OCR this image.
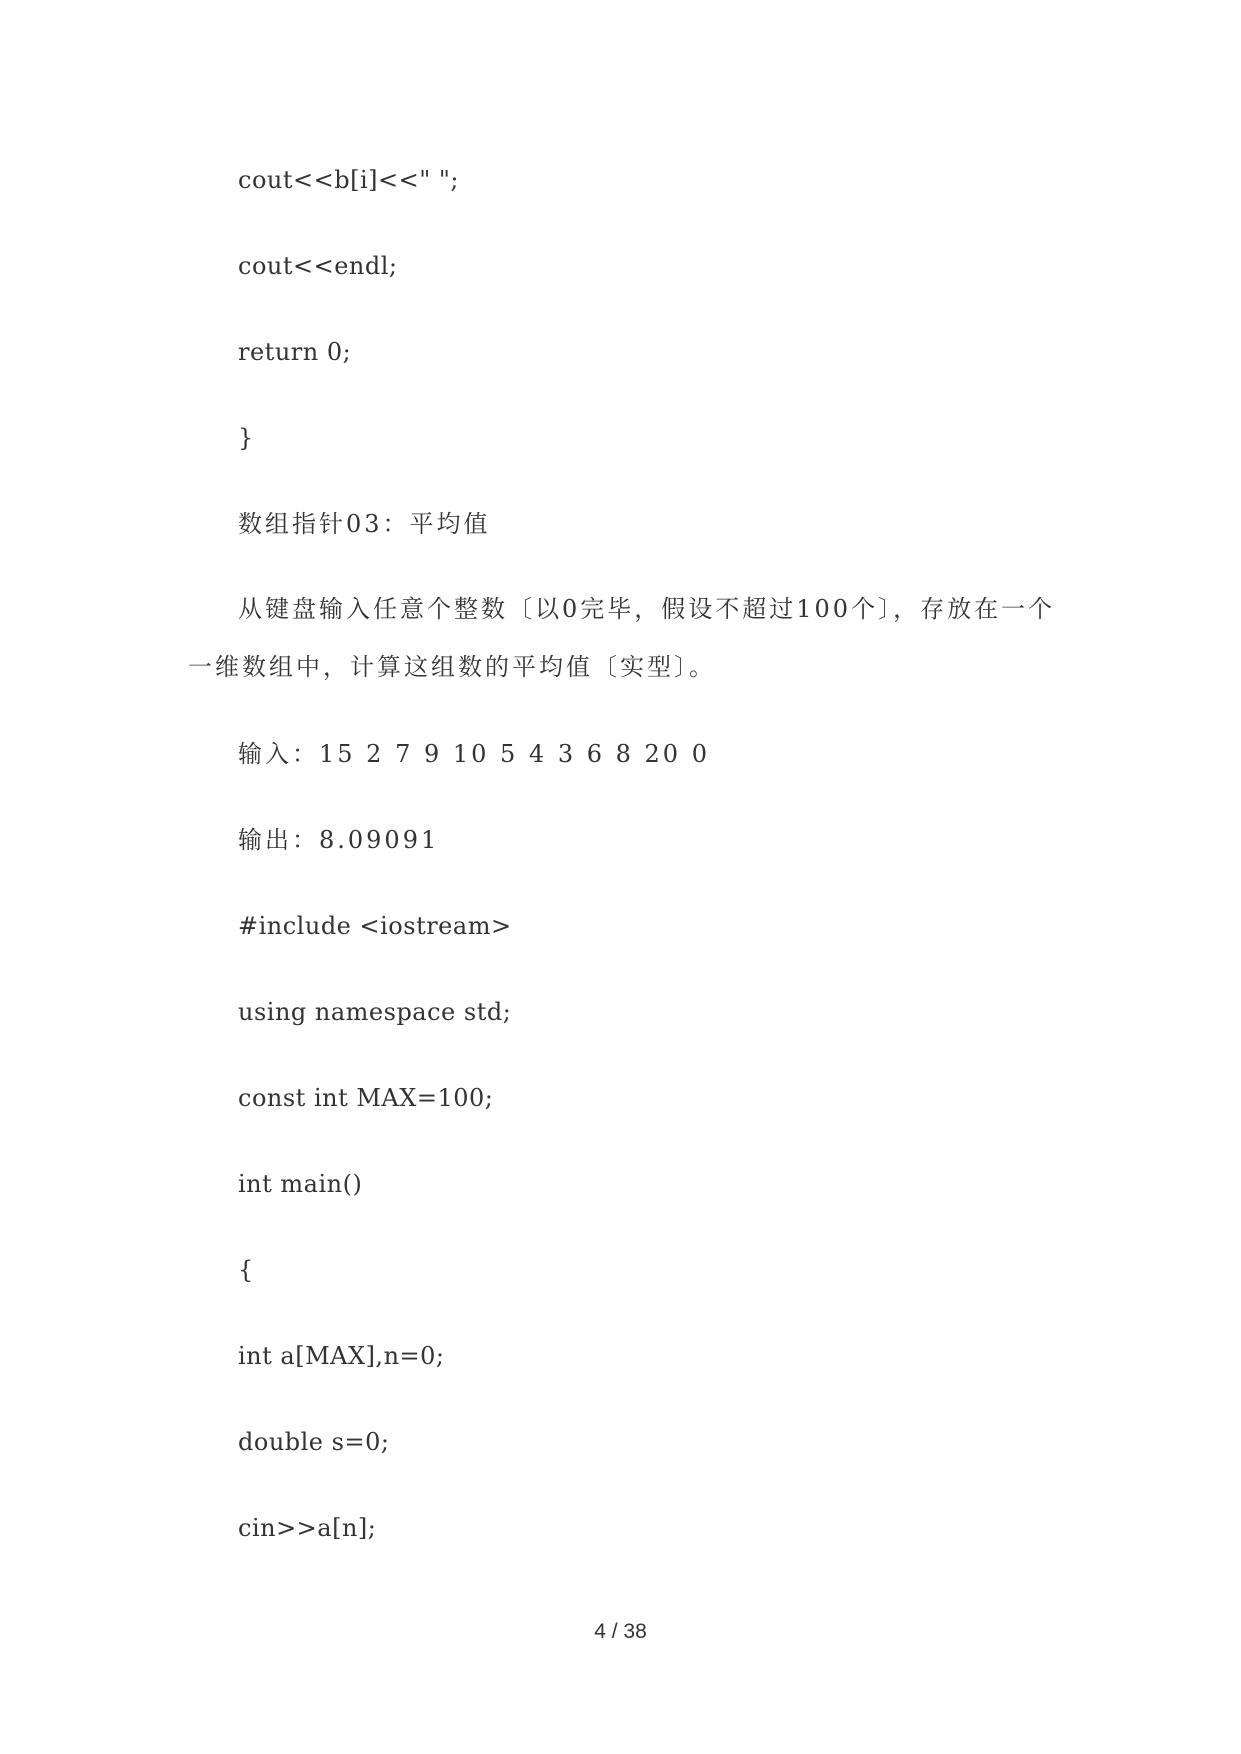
cout<<b[i]<<" ";
cout<<endl;
return 0;
}
数组指针03：平均值
从键盘输入任意个整数〔以0完毕，假设不超过100个〕，存放在一个一维数组中，计算这组数的平均值〔实型〕。
输入：15 2 7 9 10 5 4 3 6 8 20 0
输出：8.09091
#include <iostream>
using namespace std;
const int MAX=100;
int main()
{
int a[MAX],n=0;
double s=0;
cin>>a[n];
4 / 38
